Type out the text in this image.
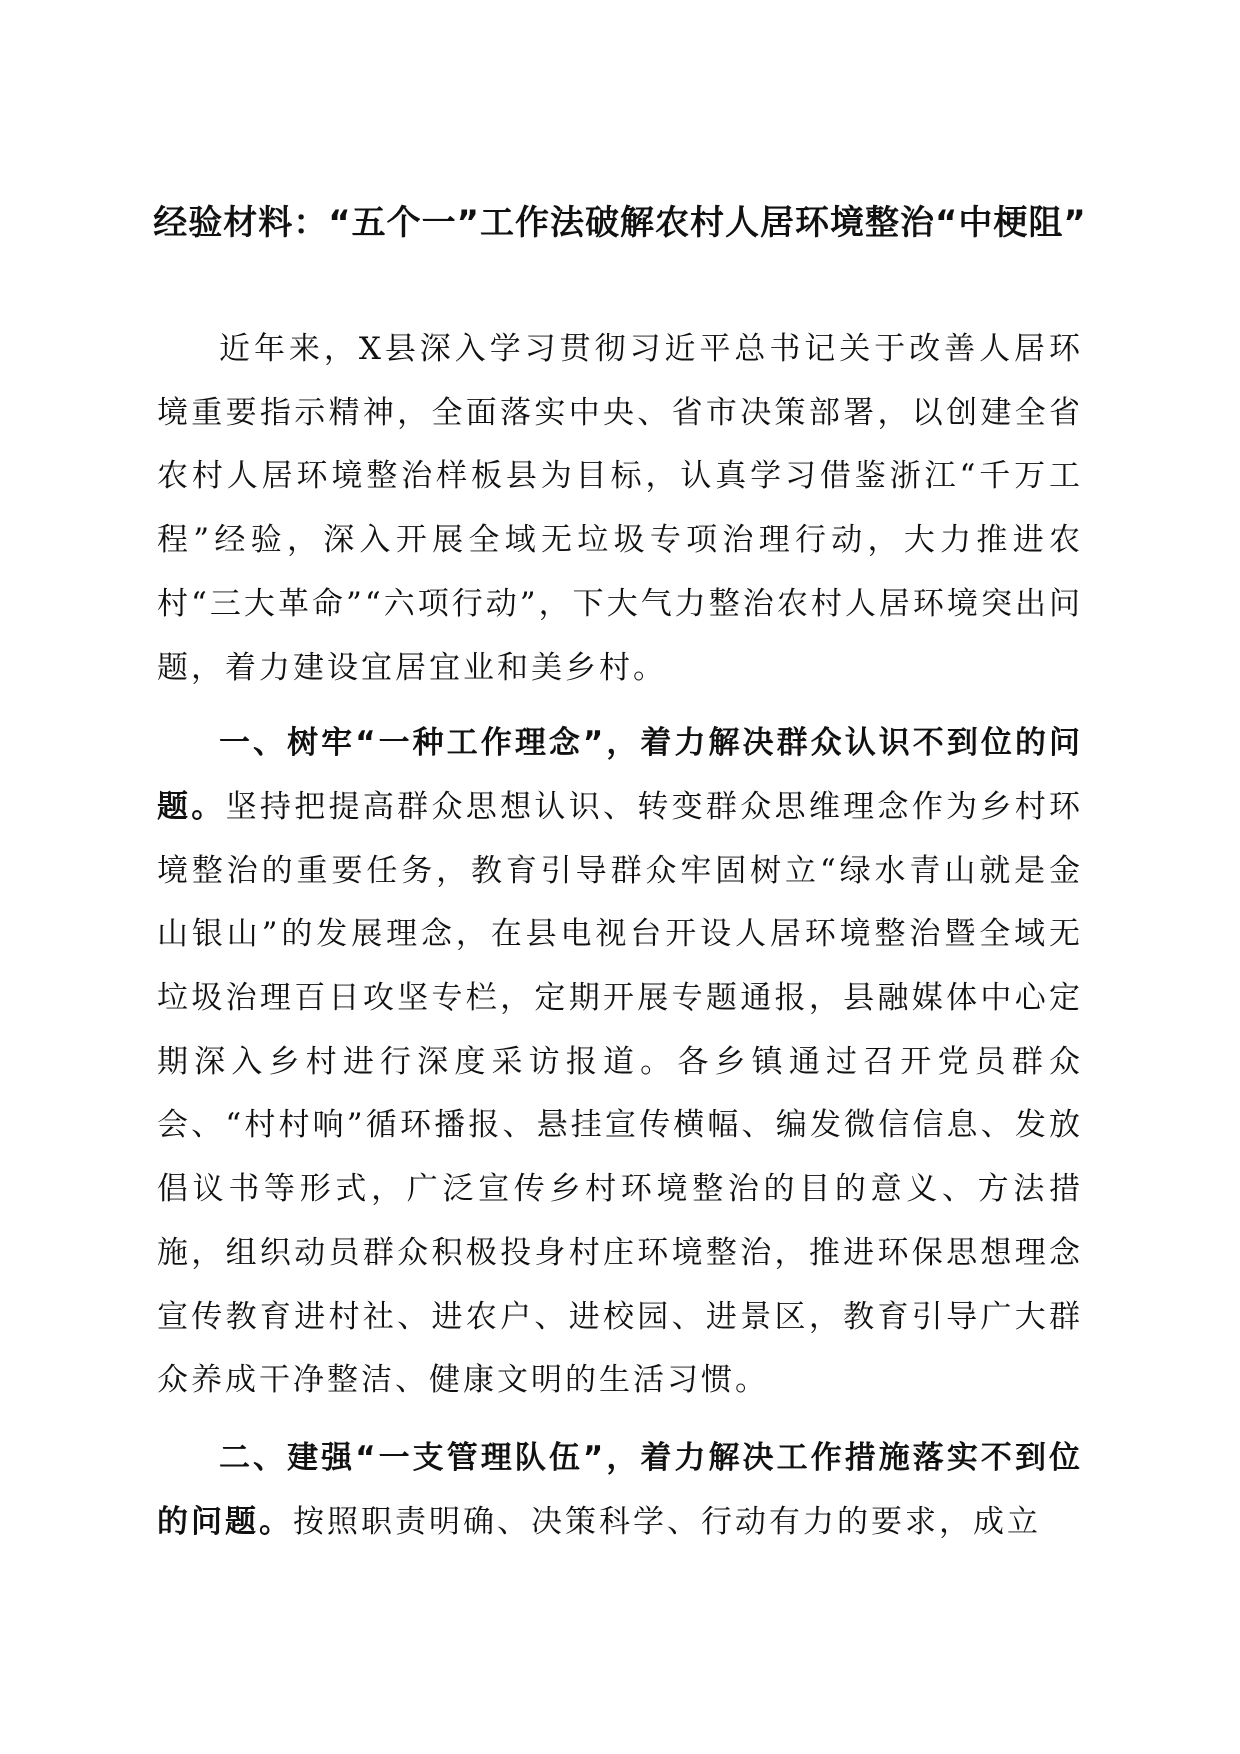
经验材料：“五个一”工作法破解农村人居环境整治“中梗阻”

近年来，X县深入学习贯彻习近平总书记关于改善人居环境重要指示精神，全面落实中央、省市决策部署，以创建全省农村人居环境整治样板县为目标，认真学习借鉴浙江“千万工程”经验，深入开展全域无垃圾专项治理行动，大力推进农村“三大革命”“六项行动”，下大气力整治农村人居环境突出问题，着力建设宜居宜业和美乡村。

一、树牢“一种工作理念”，着力解决群众认识不到位的问题。坚持把提高群众思想认识、转变群众思维理念作为乡村环境整治的重要任务，教育引导群众牢固树立“绿水青山就是金山银山”的发展理念，在县电视台开设人居环境整治暨全域无垃圾治理百日攻坚专栏，定期开展专题通报，县融媒体中心定期深入乡村进行深度采访报道。各乡镇通过召开党员群众会、“村村响”循环播报、悬挂宣传横幅、编发微信信息、发放倡议书等形式，广泛宣传乡村环境整治的目的意义、方法措施，组织动员群众积极投身村庄环境整治，推进环保思想理念宣传教育进村社、进农户、进校园、进景区，教育引导广大群众养成干净整洁、健康文明的生活习惯。

二、建强“一支管理队伍”，着力解决工作措施落实不到位的问题。按照职责明确、决策科学、行动有力的要求，成立
